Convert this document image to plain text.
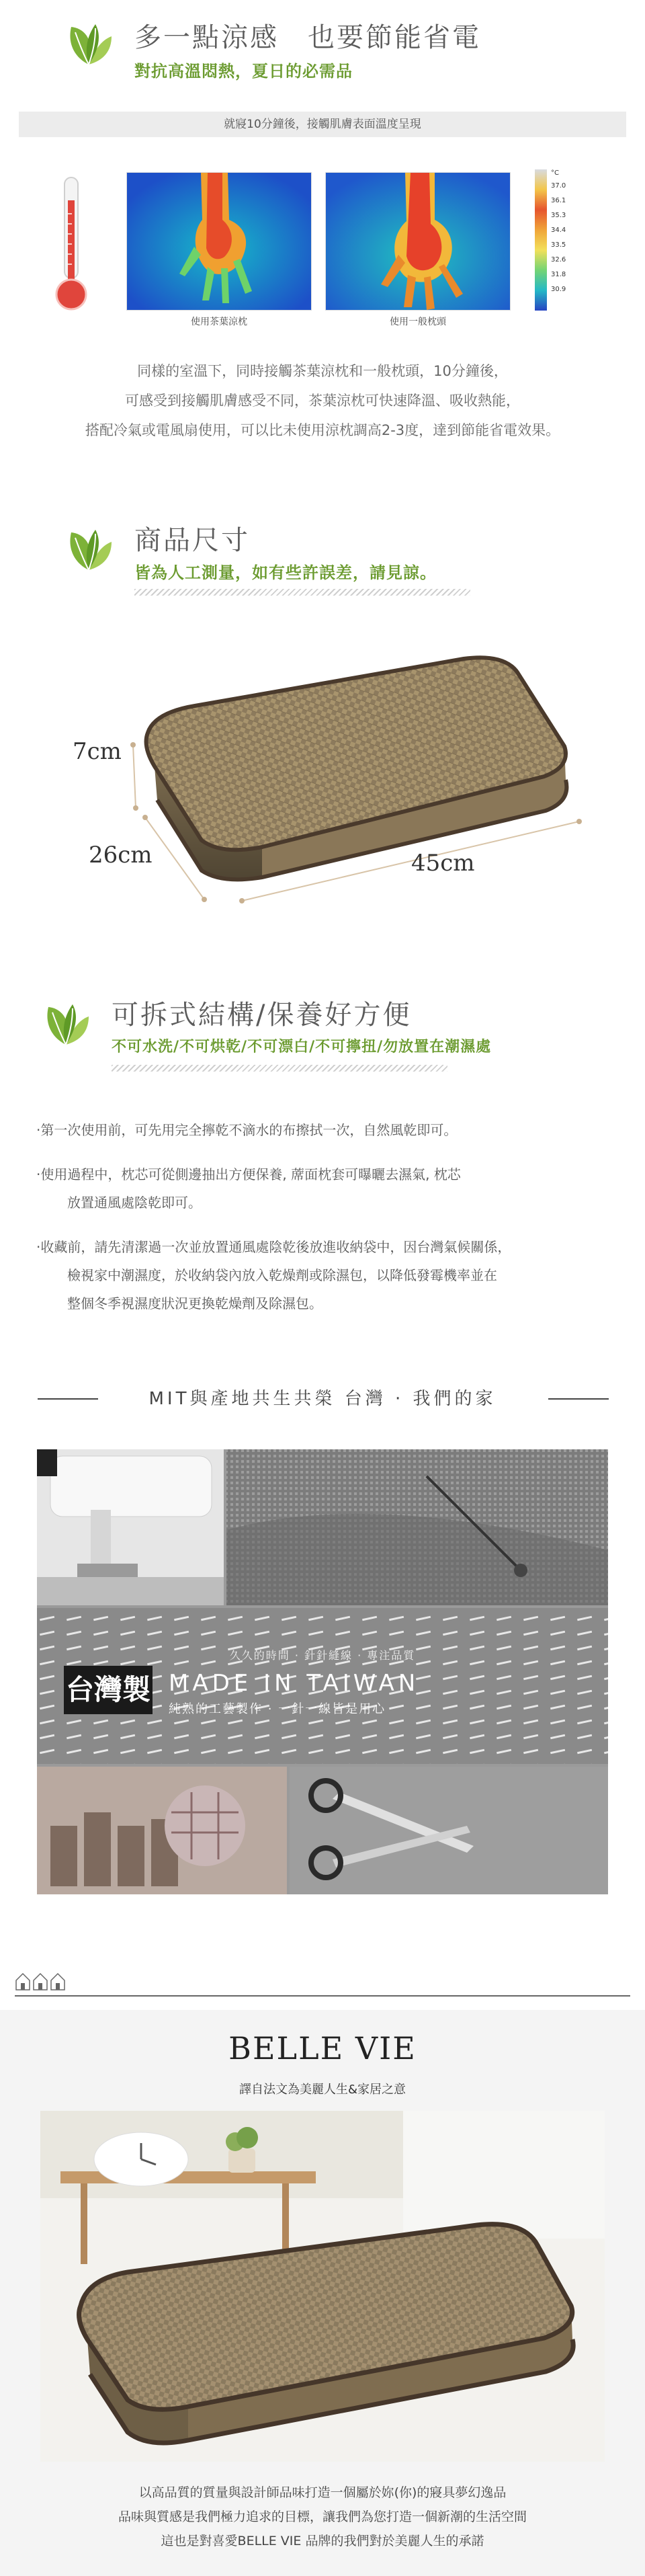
多一點涼感　也要節能省電
對抗高溫悶熱，夏日的必需品
就寢10分鐘後，接觸肌膚表面溫度呈現
使用茶葉涼枕	使用一般枕頭
°C
37.0
36.1
35.3
34.4
33.5
32.6
31.8
30.9
同樣的室溫下，同時接觸茶葉涼枕和一般枕頭，10分鐘後，
可感受到接觸肌膚感受不同，茶葉涼枕可快速降溫、吸收熱能，
搭配冷氣或電風扇使用，可以比未使用涼枕調高2-3度，達到節能省電效果。
商品尺寸
皆為人工測量，如有些許誤差，請見諒。
7cm
26cm	45cm
可拆式結構/保養好方便
不可水洗/不可烘乾/不可漂白/不可擰扭/勿放置在潮濕處
‧第一次使用前，可先用完全擰乾不滴水的布擦拭一次，自然風乾即可。
‧使用過程中，枕芯可從側邊抽出方便保養, 蓆面枕套可曝曬去濕氣, 枕芯
放置通風處陰乾即可。
‧收藏前，請先清潔過一次並放置通風處陰乾後放進收納袋中，因台灣氣候關係，
檢視家中潮濕度，於收納袋內放入乾燥劑或除濕包，以降低發霉機率並在
整個冬季視濕度狀況更換乾燥劑及除濕包。
MIT與產地共生共榮 台灣 · 我們的家
久久的時間 · 針針縫線 · 專注品質
台灣製 MADE IN TAIWAN
純熟的工藝製作 · 一針一線皆是用心
BELLE VIE
譯自法文為美麗人生&家居之意
以高品質的質量與設計師品味打造一個屬於妳(你)的寢具夢幻逸品
品味與質感是我們極力追求的目標，讓我們為您打造一個新潮的生活空間
這也是對喜愛BELLE VIE 品牌的我們對於美麗人生的承諾
